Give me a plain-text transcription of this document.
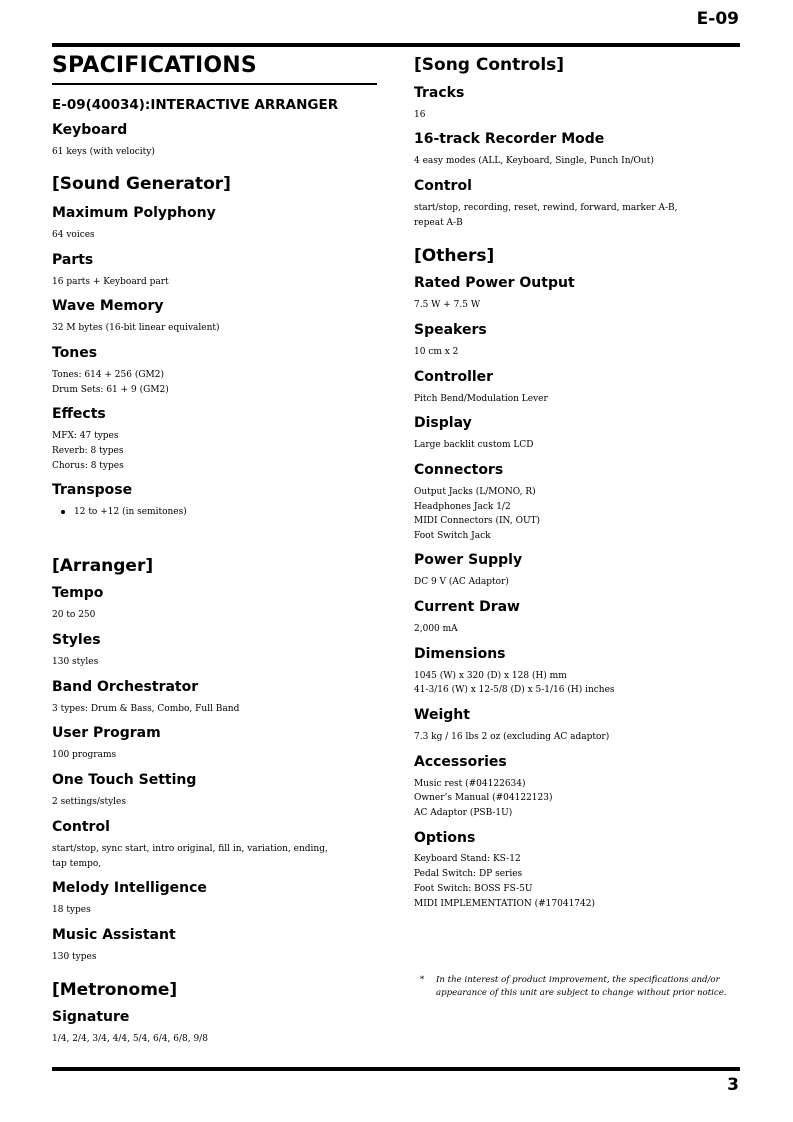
E-09
SPACIFICATIONS
E-09(40034):INTERACTIVE ARRANGER
Keyboard
61 keys (with velocity)
[Sound Generator]
Maximum Polyphony
64 voices
Parts
16 parts + Keyboard part
Wave Memory
32 M bytes (16-bit linear equivalent)
Tones
Tones: 614 + 256 (GM2)
Drum Sets: 61 + 9 (GM2)
Effects
MFX: 47 types
Reverb: 8 types
Chorus: 8 types
Transpose
12 to +12 (in semitones)
[Arranger]
Tempo
20 to 250
Styles
130 styles
Band Orchestrator
3 types: Drum & Bass, Combo, Full Band
User Program
100 programs
One Touch Setting
2 settings/styles
Control
start/stop, sync start, intro original, fill in, variation, ending,
tap tempo,
Melody Intelligence
18 types
Music Assistant
130 types
[Metronome]
Signature
1/4, 2/4, 3/4, 4/4, 5/4, 6/4, 6/8, 9/8
[Song Controls]
Tracks
16
16-track Recorder Mode
4 easy modes (ALL, Keyboard, Single, Punch In/Out)
Control
start/stop, recording, reset, rewind, forward, marker A-B,
repeat A-B
[Others]
Rated Power Output
7.5 W + 7.5 W
Speakers
10 cm x 2
Controller
Pitch Bend/Modulation Lever
Display
Large backlit custom LCD
Connectors
Output Jacks (L/MONO, R)
Headphones Jack 1/2
MIDI Connectors (IN, OUT)
Foot Switch Jack
Power Supply
DC 9 V (AC Adaptor)
Current Draw
2,000 mA
Dimensions
1045 (W) x 320 (D) x 128 (H) mm
41-3/16 (W) x 12-5/8 (D) x 5-1/16 (H) inches
Weight
7.3 kg / 16 lbs 2 oz (excluding AC adaptor)
Accessories
Music rest (#04122634)
Owner’s Manual (#04122123)
AC Adaptor (PSB-1U)
Options
Keyboard Stand: KS-12
Pedal Switch: DP series
Foot Switch: BOSS FS-5U
MIDI IMPLEMENTATION (#17041742)
* In the interest of product improvement, the specifications and/or appearance of this unit are subject to change without prior notice.
3
